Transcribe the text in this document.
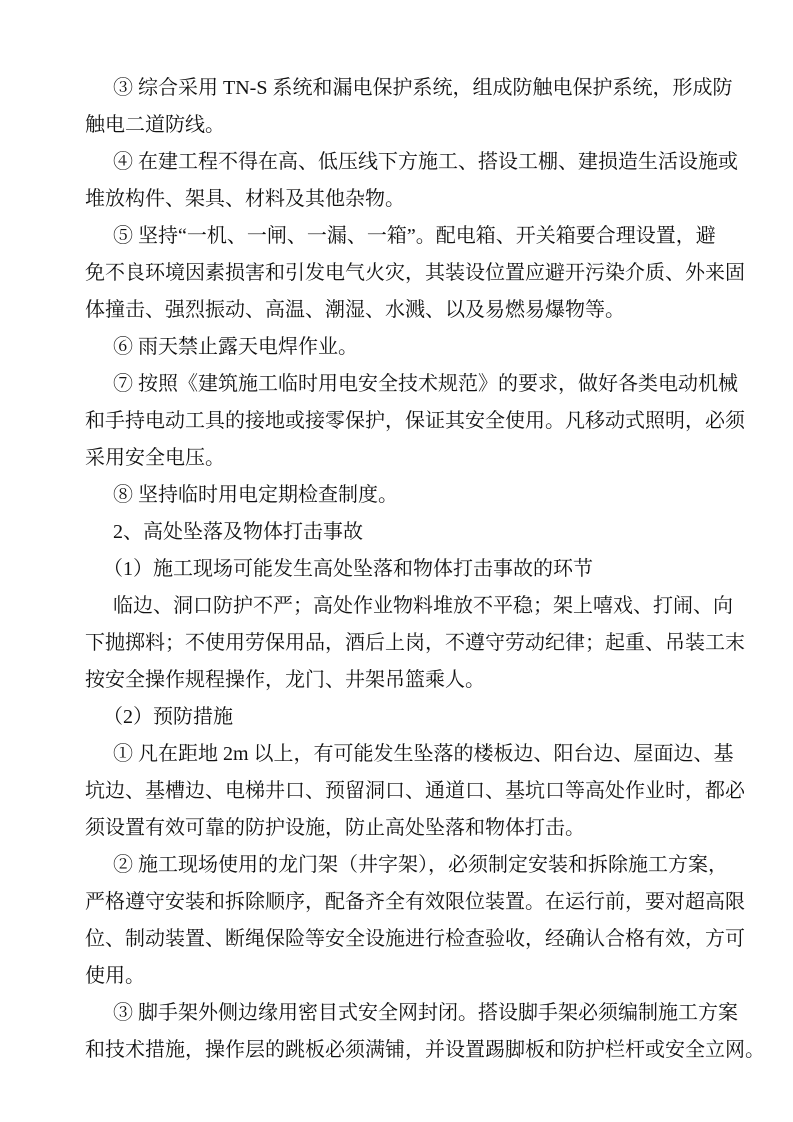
③ 综合采用 TN-S 系统和漏电保护系统，组成防触电保护系统，形成防
触电二道防线。
④ 在建工程不得在高、低压线下方施工、搭设工棚、建损造生活设施或
堆放构件、架具、材料及其他杂物。
⑤ 坚持“一机、一闸、一漏、一箱”。配电箱、开关箱要合理设置，避
免不良环境因素损害和引发电气火灾，其装设位置应避开污染介质、外来固
体撞击、强烈振动、高温、潮湿、水溅、以及易燃易爆物等。
⑥ 雨天禁止露天电焊作业。
⑦ 按照《建筑施工临时用电安全技术规范》的要求，做好各类电动机械
和手持电动工具的接地或接零保护，保证其安全使用。凡移动式照明，必须
采用安全电压。
⑧ 坚持临时用电定期检查制度。
2、高处坠落及物体打击事故
（1）施工现场可能发生高处坠落和物体打击事故的环节
临边、洞口防护不严；高处作业物料堆放不平稳；架上嘻戏、打闹、向
下抛掷料；不使用劳保用品，酒后上岗，不遵守劳动纪律；起重、吊装工末
按安全操作规程操作，龙门、井架吊篮乘人。
（2）预防措施
① 凡在距地 2m 以上，有可能发生坠落的楼板边、阳台边、屋面边、基
坑边、基槽边、电梯井口、预留洞口、通道口、基坑口等高处作业时，都必
须设置有效可靠的防护设施，防止高处坠落和物体打击。
② 施工现场使用的龙门架（井字架），必须制定安装和拆除施工方案，
严格遵守安装和拆除顺序，配备齐全有效限位装置。在运行前，要对超高限
位、制动装置、断绳保险等安全设施进行检查验收，经确认合格有效，方可
使用。
③ 脚手架外侧边缘用密目式安全网封闭。搭设脚手架必须编制施工方案
和技术措施，操作层的跳板必须满铺，并设置踢脚板和防护栏杆或安全立网。
